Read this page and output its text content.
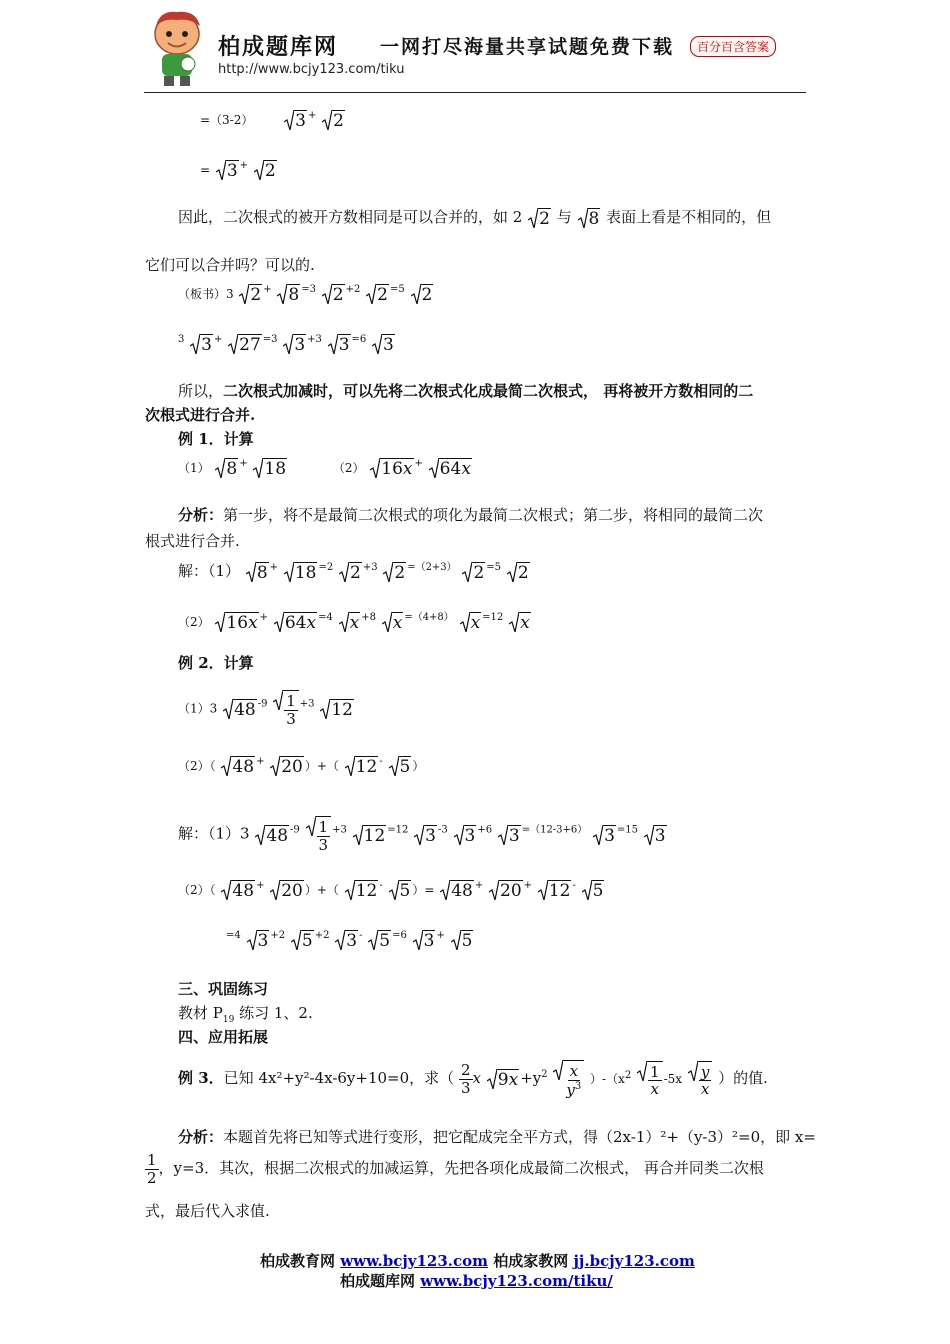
柏成题库网 一网打尽海量共享试题免费下载	百分百含答案
http://www.bcjy123.com/tiku
=（3-2） 3 + 2
= 3 + 2
因此，二次根式的被开方数相同是可以合并的，如 2 2 与 8 表面上看是不相同的，但
它们可以合并吗？可以的.
（板书）3 2 + 8 $^{=3}$ 2 $^{+2}$ 2 $^{=5}$ 2
$^3$ 3 + 27 $^{=3}$ 3 $^{+3}$ 3 $^{=6}$ 3
所以，二次根式加减时，可以先将二次根式化成最简二次根式， 再将被开方数相同的二
次根式进行合并.
例 1．计算
（1） 8 + 18	（2） 16x + 64x
分析：第一步，将不是最简二次根式的项化为最简二次根式；第二步，将相同的最简二次
根式进行合并.
解：（1） 8 + 18 $^{=2}$ 2 $^{+3}$ 2 $^{=(2+3)}$ 2 $^{=5}$ 2
（2） 16x + 64x $^{=4}$ x $^{+8}$ x $^{=(4+8)}$ x $^{=12}$ x
例 2．计算
（1）3 48 $^{-9} \frac{1}{3} ^{+3}$ 12
（2）（ 48 + 20 ）+（ 12 - 5 ）
解：（1）3 48 $^{-9} \frac{1}{3} ^{+3}$ 12 $^{=12}$ 3 $^{-3}$ 3 $^{+6}$ 3 $^{=(12-3+6)}$ 3 $^{=15}$ 3
（2）（ 48 + 20 ）+（ 12 - 5 ）= 48 + 20 + 12 - 5
$^{=4}$ 3 $^{+2}$ 5 $^{+2}$ 3 - 5 $^{=6}$ 3 + 5
三、巩固练习
教材 $P_{19}$ 练习 1、2.
四、应用拓展
例 3．已知 4x²+y²-4x-6y+10=0，求（ $\frac{2}{3}$ x $9x +y^2 \frac{x}{y^3} )-(x^2 \frac{1}{x} -5x \frac{y}{x}$ ）的值.
分析：本题首先将已知等式进行变形，把它配成完全平方式，得（2x-1）²+（y-3）²=0，即 x=
$\frac{1}{2}$ ，y=3．其次，根据二次根式的加减运算，先把各项化成最简二次根式， 再合并同类二次根
式，最后代入求值.
柏成教育网 www.bcjy123.com 柏成家教网 jj.bcjy123.com
柏成题库网 www.bcjy123.com/tiku/
